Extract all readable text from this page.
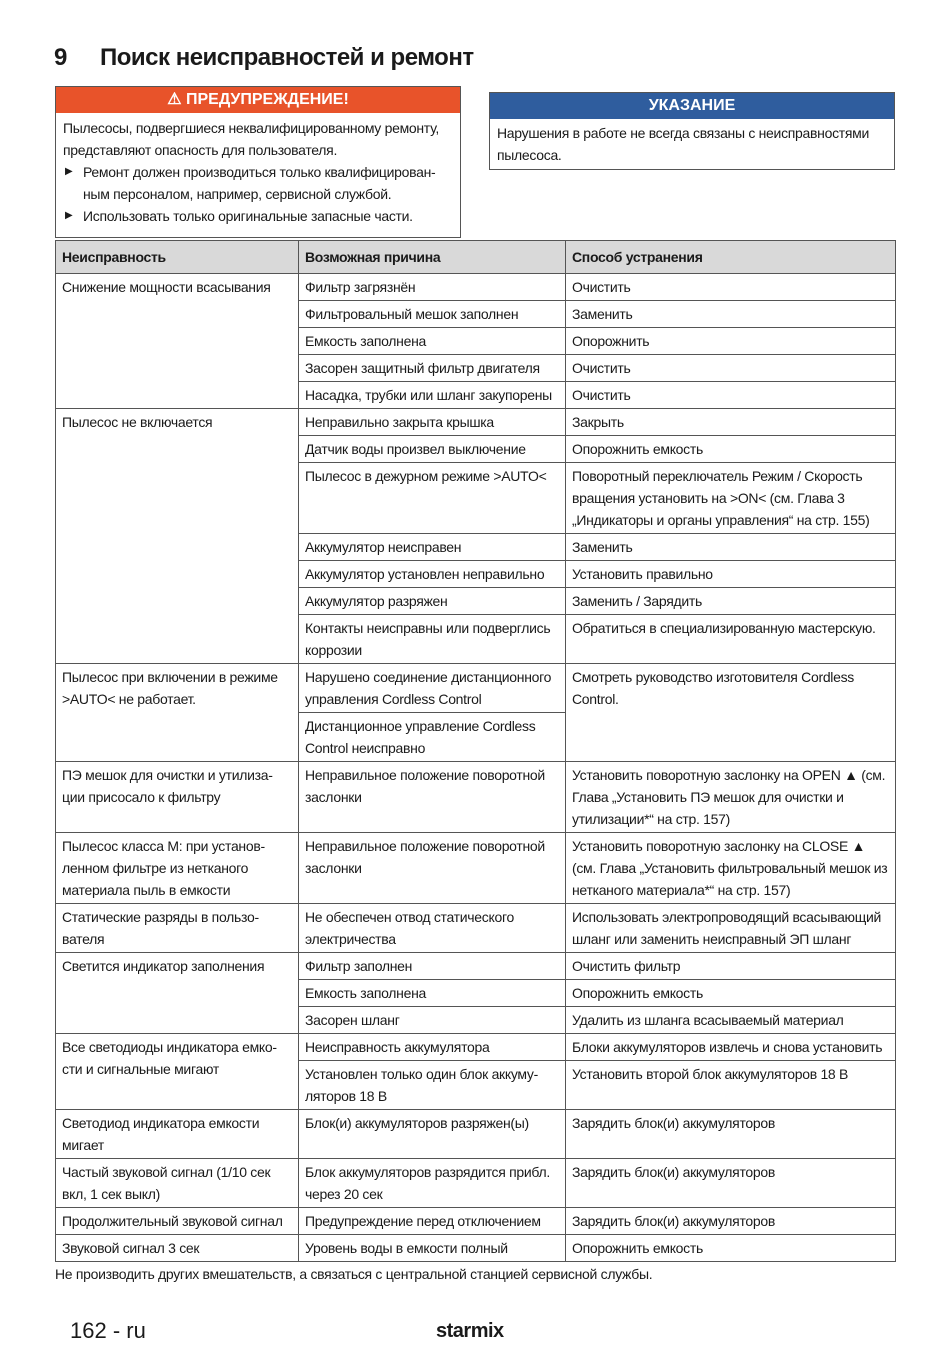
9 Поиск неисправностей и ремонт
⚠ ПРЕДУПРЕЖДЕНИЕ!
Пылесосы, подвергшиеся неквалифицированному ремонту, представляют опасность для пользователя.
▶ Ремонт должен производиться только квалифицирован-ным персоналом, например, сервисной службой.
▶ Использовать только оригинальные запасные части.
УКАЗАНИЕ
Нарушения в работе не всегда связаны с неисправностями пылесоса.
Неисправность	Возможная причина	Способ устранения
Снижение мощности всасывания	Фильтр загрязнён	Очистить
	Фильтровальный мешок заполнен	Заменить
	Емкость заполнена	Опорожнить
	Засорен защитный фильтр двигателя	Очистить
	Насадка, трубки или шланг закупорены	Очистить
Пылесос не включается	Неправильно закрыта крышка	Закрыть
	Датчик воды произвел выключение	Опорожнить емкость
	Пылесос в дежурном режиме >AUTO<	Поворотный переключатель Режим / Скорость вращения установить на >ON< (см. Глава 3 „Индикаторы и органы управления“ на стр. 155)
	Аккумулятор неисправен	Заменить
	Аккумулятор установлен неправильно	Установить правильно
	Аккумулятор разряжен	Заменить / Зарядить
	Контакты неисправны или подверглись коррозии	Обратиться в специализированную мастерскую.
Пылесос при включении в режиме >AUTO< не работает.	Нарушено соединение дистанционного управления Cordless Control	Смотреть руководство изготовителя Cordless Control.
	Дистанционное управление Cordless Control неисправно	
ПЭ мешок для очистки и утилиза-ции присосало к фильтру	Неправильное положение поворотной заслонки	Установить поворотную заслонку на OPEN ▲ (см. Глава „Установить ПЭ мешок для очистки и утилизации*“ на стр. 157)
Пылесос класса M: при установ-ленном фильтре из нетканого материала пыль в емкости	Неправильное положение поворотной заслонки	Установить поворотную заслонку на CLOSE ▲ (см. Глава „Установить фильтровальный мешок из нетканого материала*“ на стр. 157)
Статические разряды в пользо-вателя	Не обеспечен отвод статического электричества	Использовать электропроводящий всасывающий шланг или заменить неисправный ЭП шланг
Светится индикатор заполнения	Фильтр заполнен	Очистить фильтр
	Емкость заполнена	Опорожнить емкость
	Засорен шланг	Удалить из шланга всасываемый материал
Все светодиоды индикатора емко-сти и сигнальные мигают	Неисправность аккумулятора	Блоки аккумуляторов извлечь и снова установить
	Установлен только один блок аккуму-ляторов 18 В	Установить второй блок аккумуляторов 18 В
Светодиод индикатора емкости мигает	Блок(и) аккумуляторов разряжен(ы)	Зарядить блок(и) аккумуляторов
Частый звуковой сигнал (1/10 сек вкл, 1 сек выкл)	Блок аккумуляторов разрядится прибл. через 20 сек	Зарядить блок(и) аккумуляторов
Продолжительный звуковой сигнал	Предупреждение перед отключением	Зарядить блок(и) аккумуляторов
Звуковой сигнал 3 сек	Уровень воды в емкости полный	Опорожнить емкость
Не производить других вмешательств, а связаться с центральной станцией сервисной службы.
162 - ru	starmix
